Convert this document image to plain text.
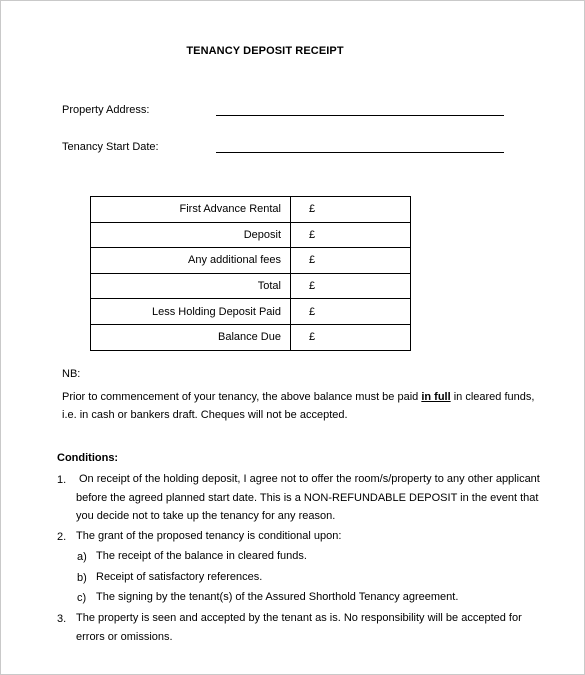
TENANCY DEPOSIT RECEIPT
Property Address:
Tenancy Start Date:
First Advance Rental	£
Deposit	£
Any additional fees	£
Total	£
Less Holding Deposit Paid	£
Balance Due	£
NB:
Prior to commencement of your tenancy, the above balance must be paid in full in cleared funds, i.e. in cash or bankers draft. Cheques will not be accepted.
Conditions:
1. On receipt of the holding deposit, I agree not to offer the room/s/property to any other applicant before the agreed planned start date. This is a NON-REFUNDABLE DEPOSIT in the event that you decide not to take up the tenancy for any reason.
2. The grant of the proposed tenancy is conditional upon:
a) The receipt of the balance in cleared funds.
b) Receipt of satisfactory references.
c) The signing by the tenant(s) of the Assured Shorthold Tenancy agreement.
3. The property is seen and accepted by the tenant as is. No responsibility will be accepted for errors or omissions.
